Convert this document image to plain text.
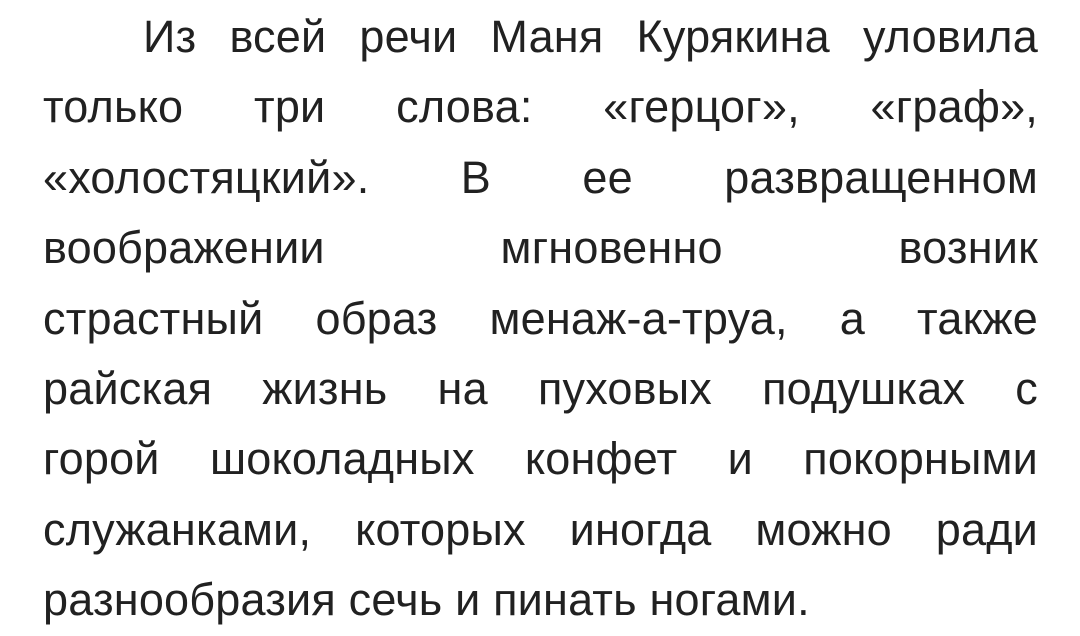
Из всей речи Маня Курякина уловила
только три слова: «герцог», «граф»,
«холостяцкий». В ее развращенном
воображении мгновенно возник
страстный образ менаж-а-труа, а также
райская жизнь на пуховых подушках с
горой шоколадных конфет и покорными
служанками, которых иногда можно ради
разнообразия сечь и пинать ногами.
